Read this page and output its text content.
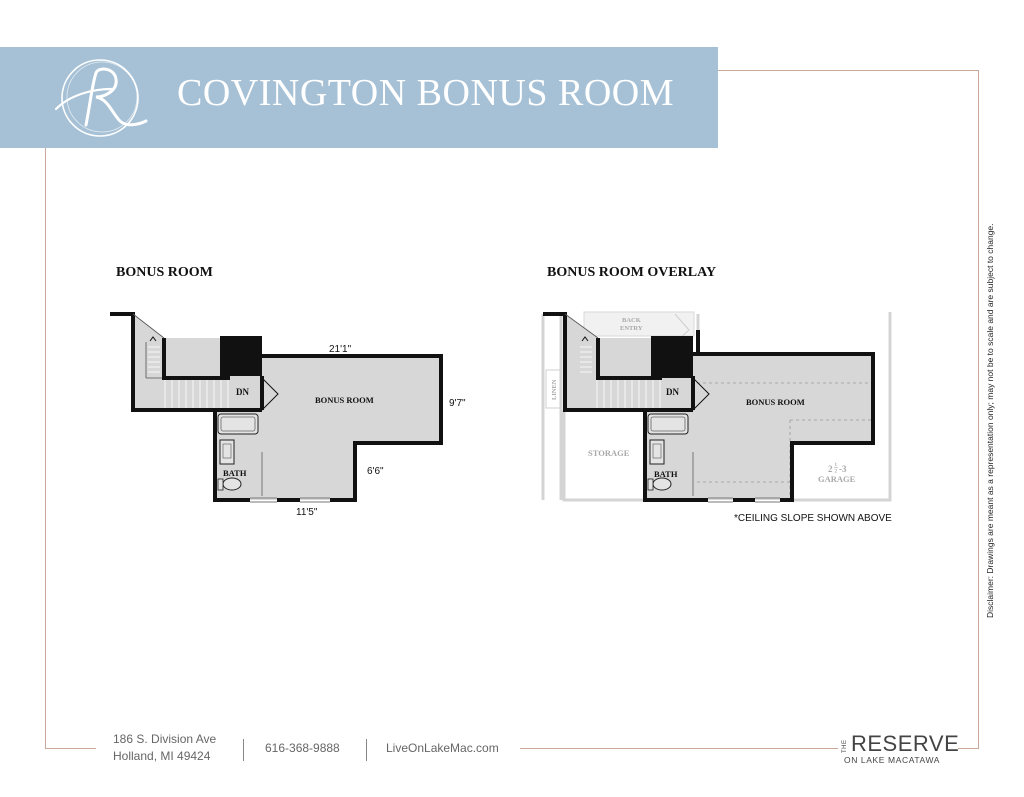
COVINGTON BONUS ROOM
BONUS ROOM	BONUS ROOM OVERLAY
DN
BONUS ROOM
BATH
21'1"
9'7"
6'6"
11'5"
DN
BONUS ROOM
BATH
STORAGE
BACK
ENTRY
LINEN
2 1
2 -3
GARAGE
*CEILING SLOPE SHOWN ABOVE	Disclaimer: Drawings are meant as a representation only; may not be to scale and are subject to change.
186 S. Division Ave
Holland, MI 49424
616-368-9888	LiveOnLakeMac.com	THE RESERVE
ON LAKE MACATAWA
